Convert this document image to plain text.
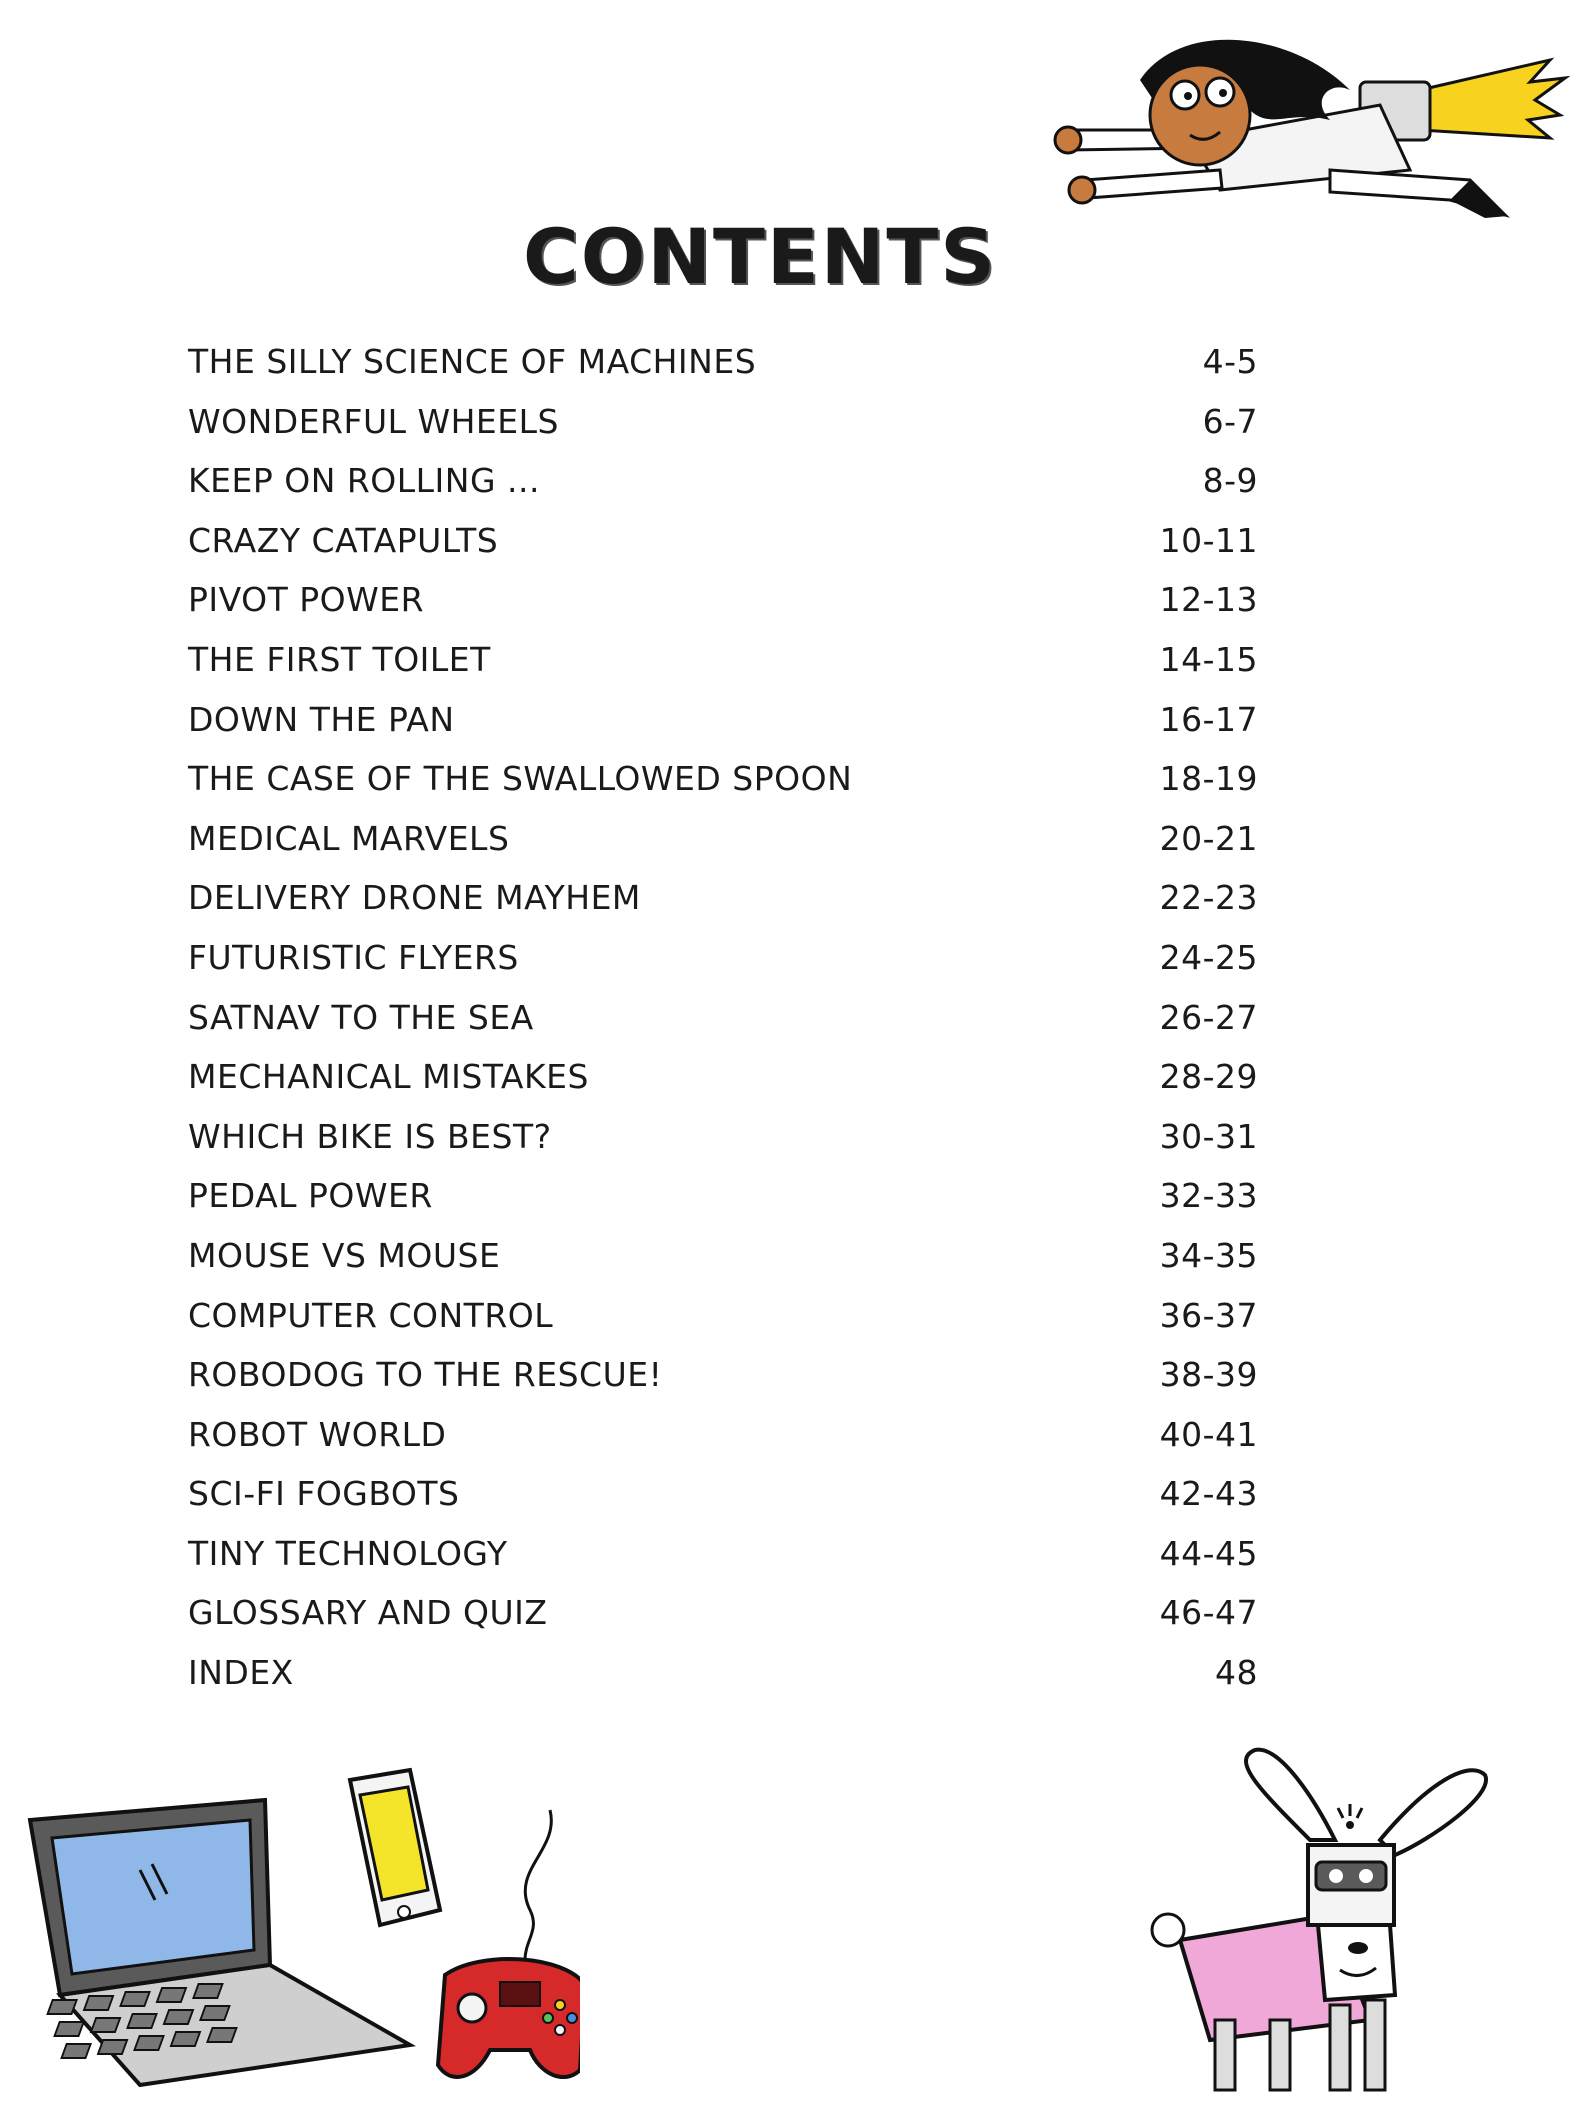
CONTENTS
THE SILLY SCIENCE OF MACHINES	4-5
WONDERFUL WHEELS	6-7
KEEP ON ROLLING ...	8-9
CRAZY CATAPULTS	10-11
PIVOT POWER	12-13
THE FIRST TOILET	14-15
DOWN THE PAN	16-17
THE CASE OF THE SWALLOWED SPOON	18-19
MEDICAL MARVELS	20-21
DELIVERY DRONE MAYHEM	22-23
FUTURISTIC FLYERS	24-25
SATNAV TO THE SEA	26-27
MECHANICAL MISTAKES	28-29
WHICH BIKE IS BEST?	30-31
PEDAL POWER	32-33
MOUSE VS MOUSE	34-35
COMPUTER CONTROL	36-37
ROBODOG TO THE RESCUE!	38-39
ROBOT WORLD	40-41
SCI-FI FOGBOTS	42-43
TINY TECHNOLOGY	44-45
GLOSSARY AND QUIZ	46-47
INDEX	48
